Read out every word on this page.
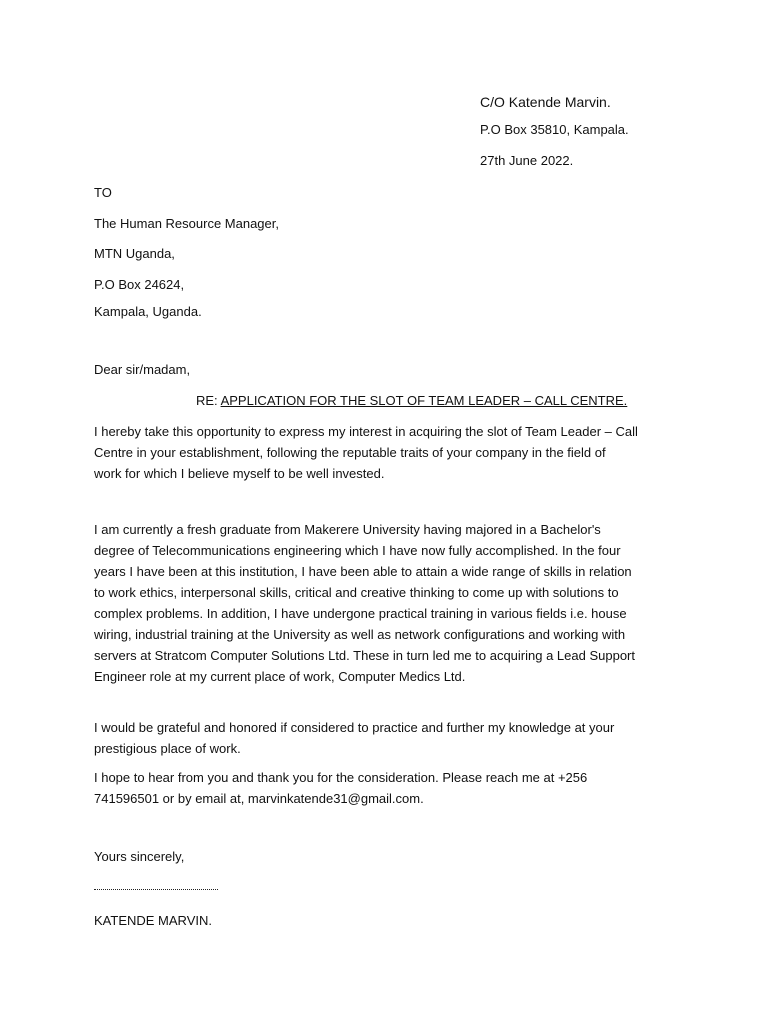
C/O Katende Marvin.
P.O Box 35810, Kampala.
27th June 2022.
TO
The Human Resource Manager,
MTN Uganda,
P.O Box 24624,
Kampala, Uganda.
Dear sir/madam,
RE: APPLICATION FOR THE SLOT OF TEAM LEADER – CALL CENTRE.
I hereby take this opportunity to express my interest in acquiring the slot of Team Leader – Call
Centre in your establishment, following the reputable traits of your company in the field of
work for which I believe myself to be well invested.
I am currently a fresh graduate from Makerere University having majored in a Bachelor's
degree of Telecommunications engineering which I have now fully accomplished. In the four
years I have been at this institution, I have been able to attain a wide range of skills in relation
to work ethics, interpersonal skills, critical and creative thinking to come up with solutions to
complex problems. In addition, I have undergone practical training in various fields i.e. house
wiring, industrial training at the University as well as network configurations and working with
servers at Stratcom Computer Solutions Ltd. These in turn led me to acquiring a Lead Support
Engineer role at my current place of work, Computer Medics Ltd.
I would be grateful and honored if considered to practice and further my knowledge at your
prestigious place of work.
I hope to hear from you and thank you for the consideration. Please reach me at +256
741596501 or by email at, marvinkatende31@gmail.com.
Yours sincerely,
KATENDE MARVIN.
